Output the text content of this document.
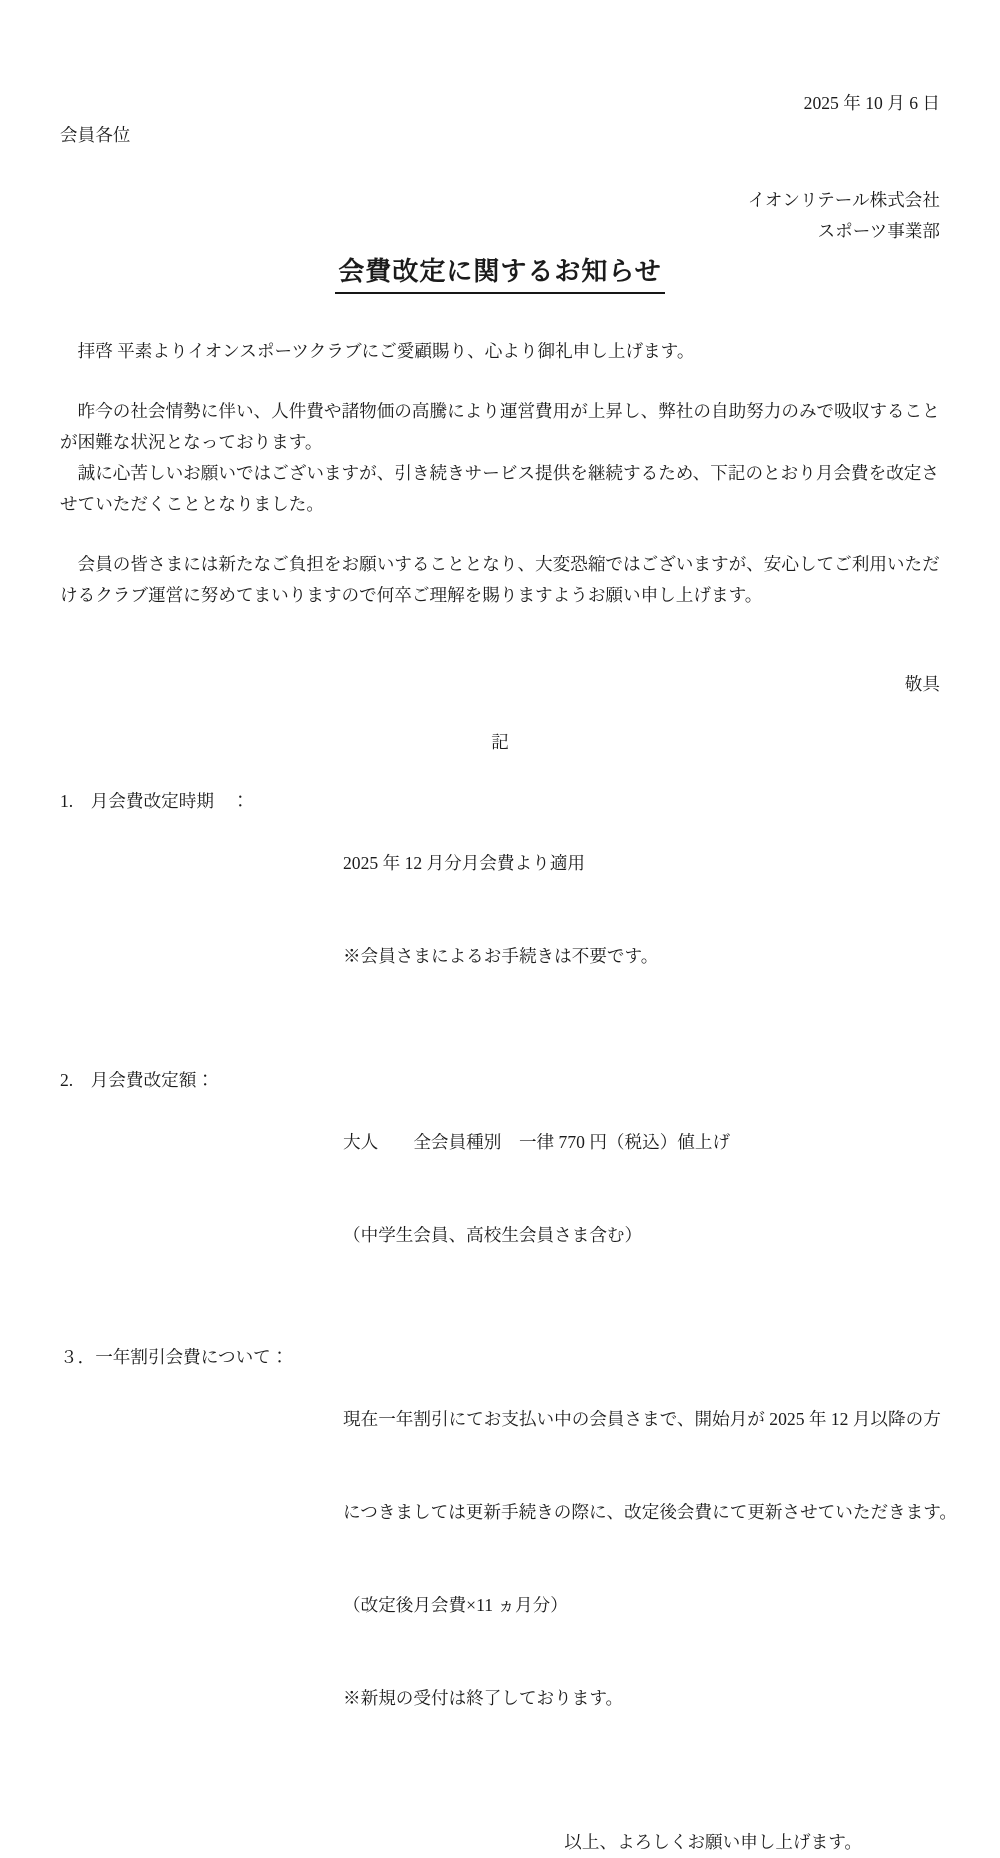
2025 年 10 月 6 日
会員各位
イオンリテール株式会社
スポーツ事業部
会費改定に関するお知らせ
拝啓 平素よりイオンスポーツクラブにご愛顧賜り、心より御礼申し上げます。
昨今の社会情勢に伴い、人件費や諸物価の高騰により運営費用が上昇し、弊社の自助努力のみで吸収すること
が困難な状況となっております。
誠に心苦しいお願いではございますが、引き続きサービス提供を継続するため、下記のとおり月会費を改定さ
せていただくこととなりました。
会員の皆さまには新たなご負担をお願いすることとなり、大変恐縮ではございますが、安心してご利用いただ
けるクラブ運営に努めてまいりますので何卒ご理解を賜りますようお願い申し上げます。
敬具
記
1.　月会費改定時期　：

2025 年 12 月分月会費より適用

※会員さまによるお手続きは不要です。

2.　月会費改定額：

大人　　全会員種別　一律 770 円（税込）値上げ

（中学生会員、高校生会員さま含む）

３．一年割引会費について：

現在一年割引にてお支払い中の会員さまで、開始月が 2025 年 12 月以降の方

につきましては更新手続きの際に、改定後会費にて更新させていただきます。

（改定後月会費×11 ヵ月分）

※新規の受付は終了しております。

以上、よろしくお願い申し上げます。
